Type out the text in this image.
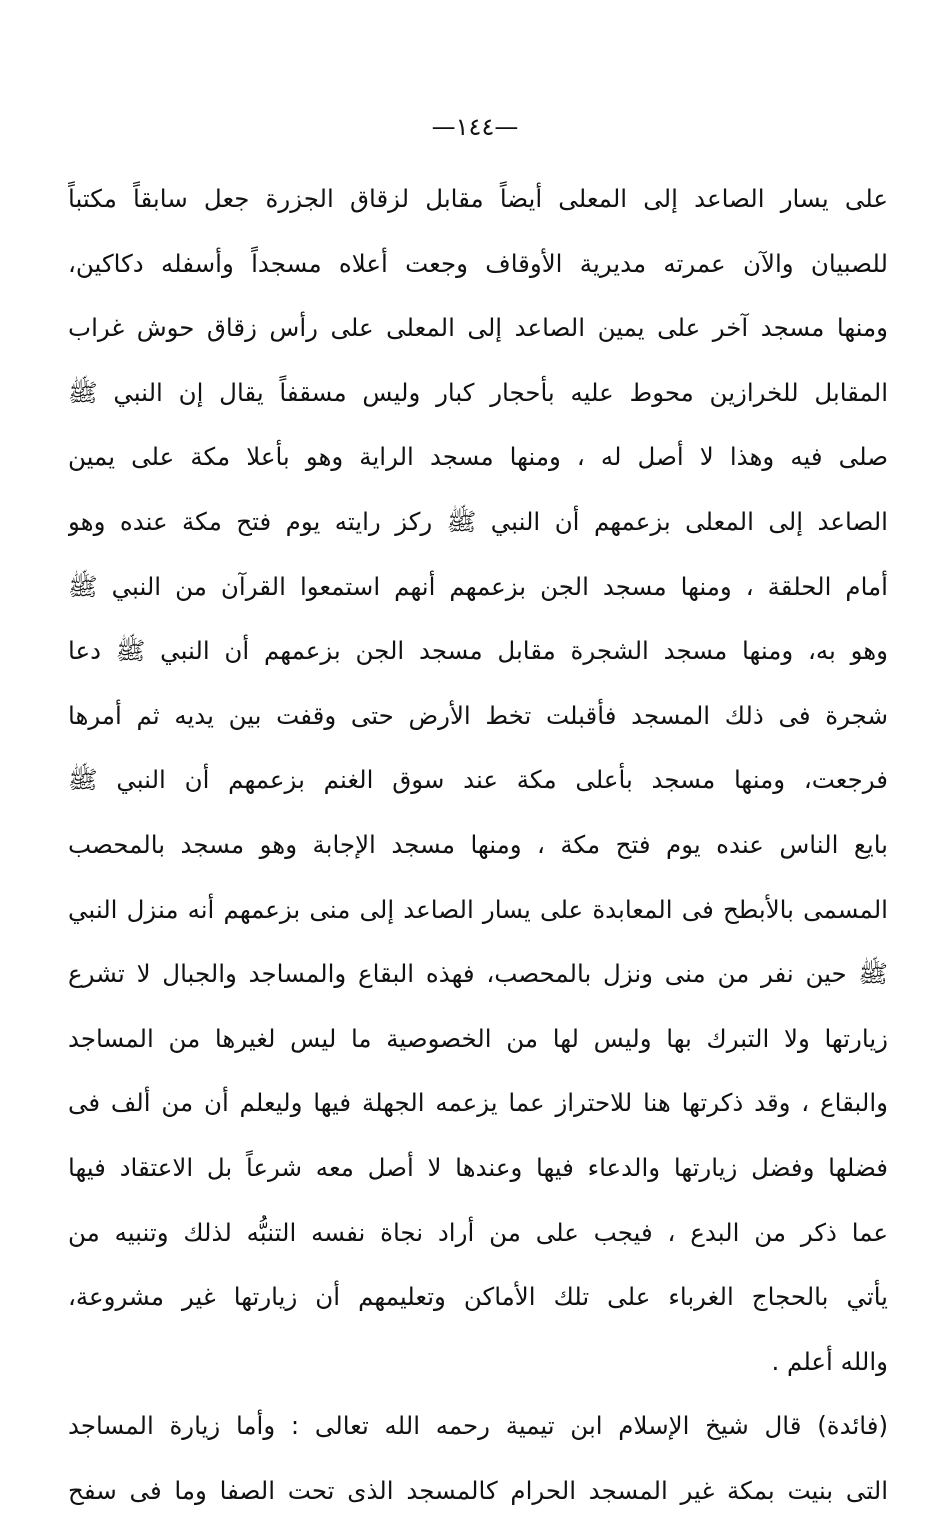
—١٤٤—
على يسار الصاعد إلى المعلى أيضاً مقابل لزقاق الجزرة جعل سابقاً مكتباً
للصبيان والآن عمرته مديرية الأوقاف وجعت أعلاه مسجداً وأسفله دكاكين،
ومنها مسجد آخر على يمين الصاعد إلى المعلى على رأس زقاق حوش غراب
المقابل للخرازين محوط عليه بأحجار كبار وليس مسقفاً يقال إن النبي ﷺ
صلى فيه وهذا لا أصل له ، ومنها مسجد الراية وهو بأعلا مكة على يمين
الصاعد إلى المعلى بزعمهم أن النبي ﷺ ركز رايته يوم فتح مكة عنده وهو
أمام الحلقة ، ومنها مسجد الجن بزعمهم أنهم استمعوا القرآن من النبي ﷺ
وهو به، ومنها مسجد الشجرة مقابل مسجد الجن بزعمهم أن النبي ﷺ دعا
شجرة فى ذلك المسجد فأقبلت تخط الأرض حتى وقفت بين يديه ثم أمرها
فرجعت، ومنها مسجد بأعلى مكة عند سوق الغنم بزعمهم أن النبي ﷺ
بايع الناس عنده يوم فتح مكة ، ومنها مسجد الإجابة وهو مسجد بالمحصب
المسمى بالأبطح فى المعابدة على يسار الصاعد إلى منى بزعمهم أنه منزل النبي
ﷺ حين نفر من منى ونزل بالمحصب، فهذه البقاع والمساجد والجبال لا تشرع
زيارتها ولا التبرك بها وليس لها من الخصوصية ما ليس لغيرها من المساجد
والبقاع ، وقد ذكرتها هنا للاحتراز عما يزعمه الجهلة فيها وليعلم أن من ألف فى
فضلها وفضل زيارتها والدعاء فيها وعندها لا أصل معه شرعاً بل الاعتقاد فيها
عما ذكر من البدع ، فيجب على من أراد نجاة نفسه التنبُّه لذلك وتنبيه من
يأتي بالحجاج الغرباء على تلك الأماكن وتعليمهم أن زيارتها غير مشروعة،
والله أعلم .
(فائدة) قال شيخ الإسلام ابن تيمية رحمه الله تعالى : وأما زيارة المساجد
التى بنيت بمكة غير المسجد الحرام كالمسجد الذى تحت الصفا وما فى سفح
